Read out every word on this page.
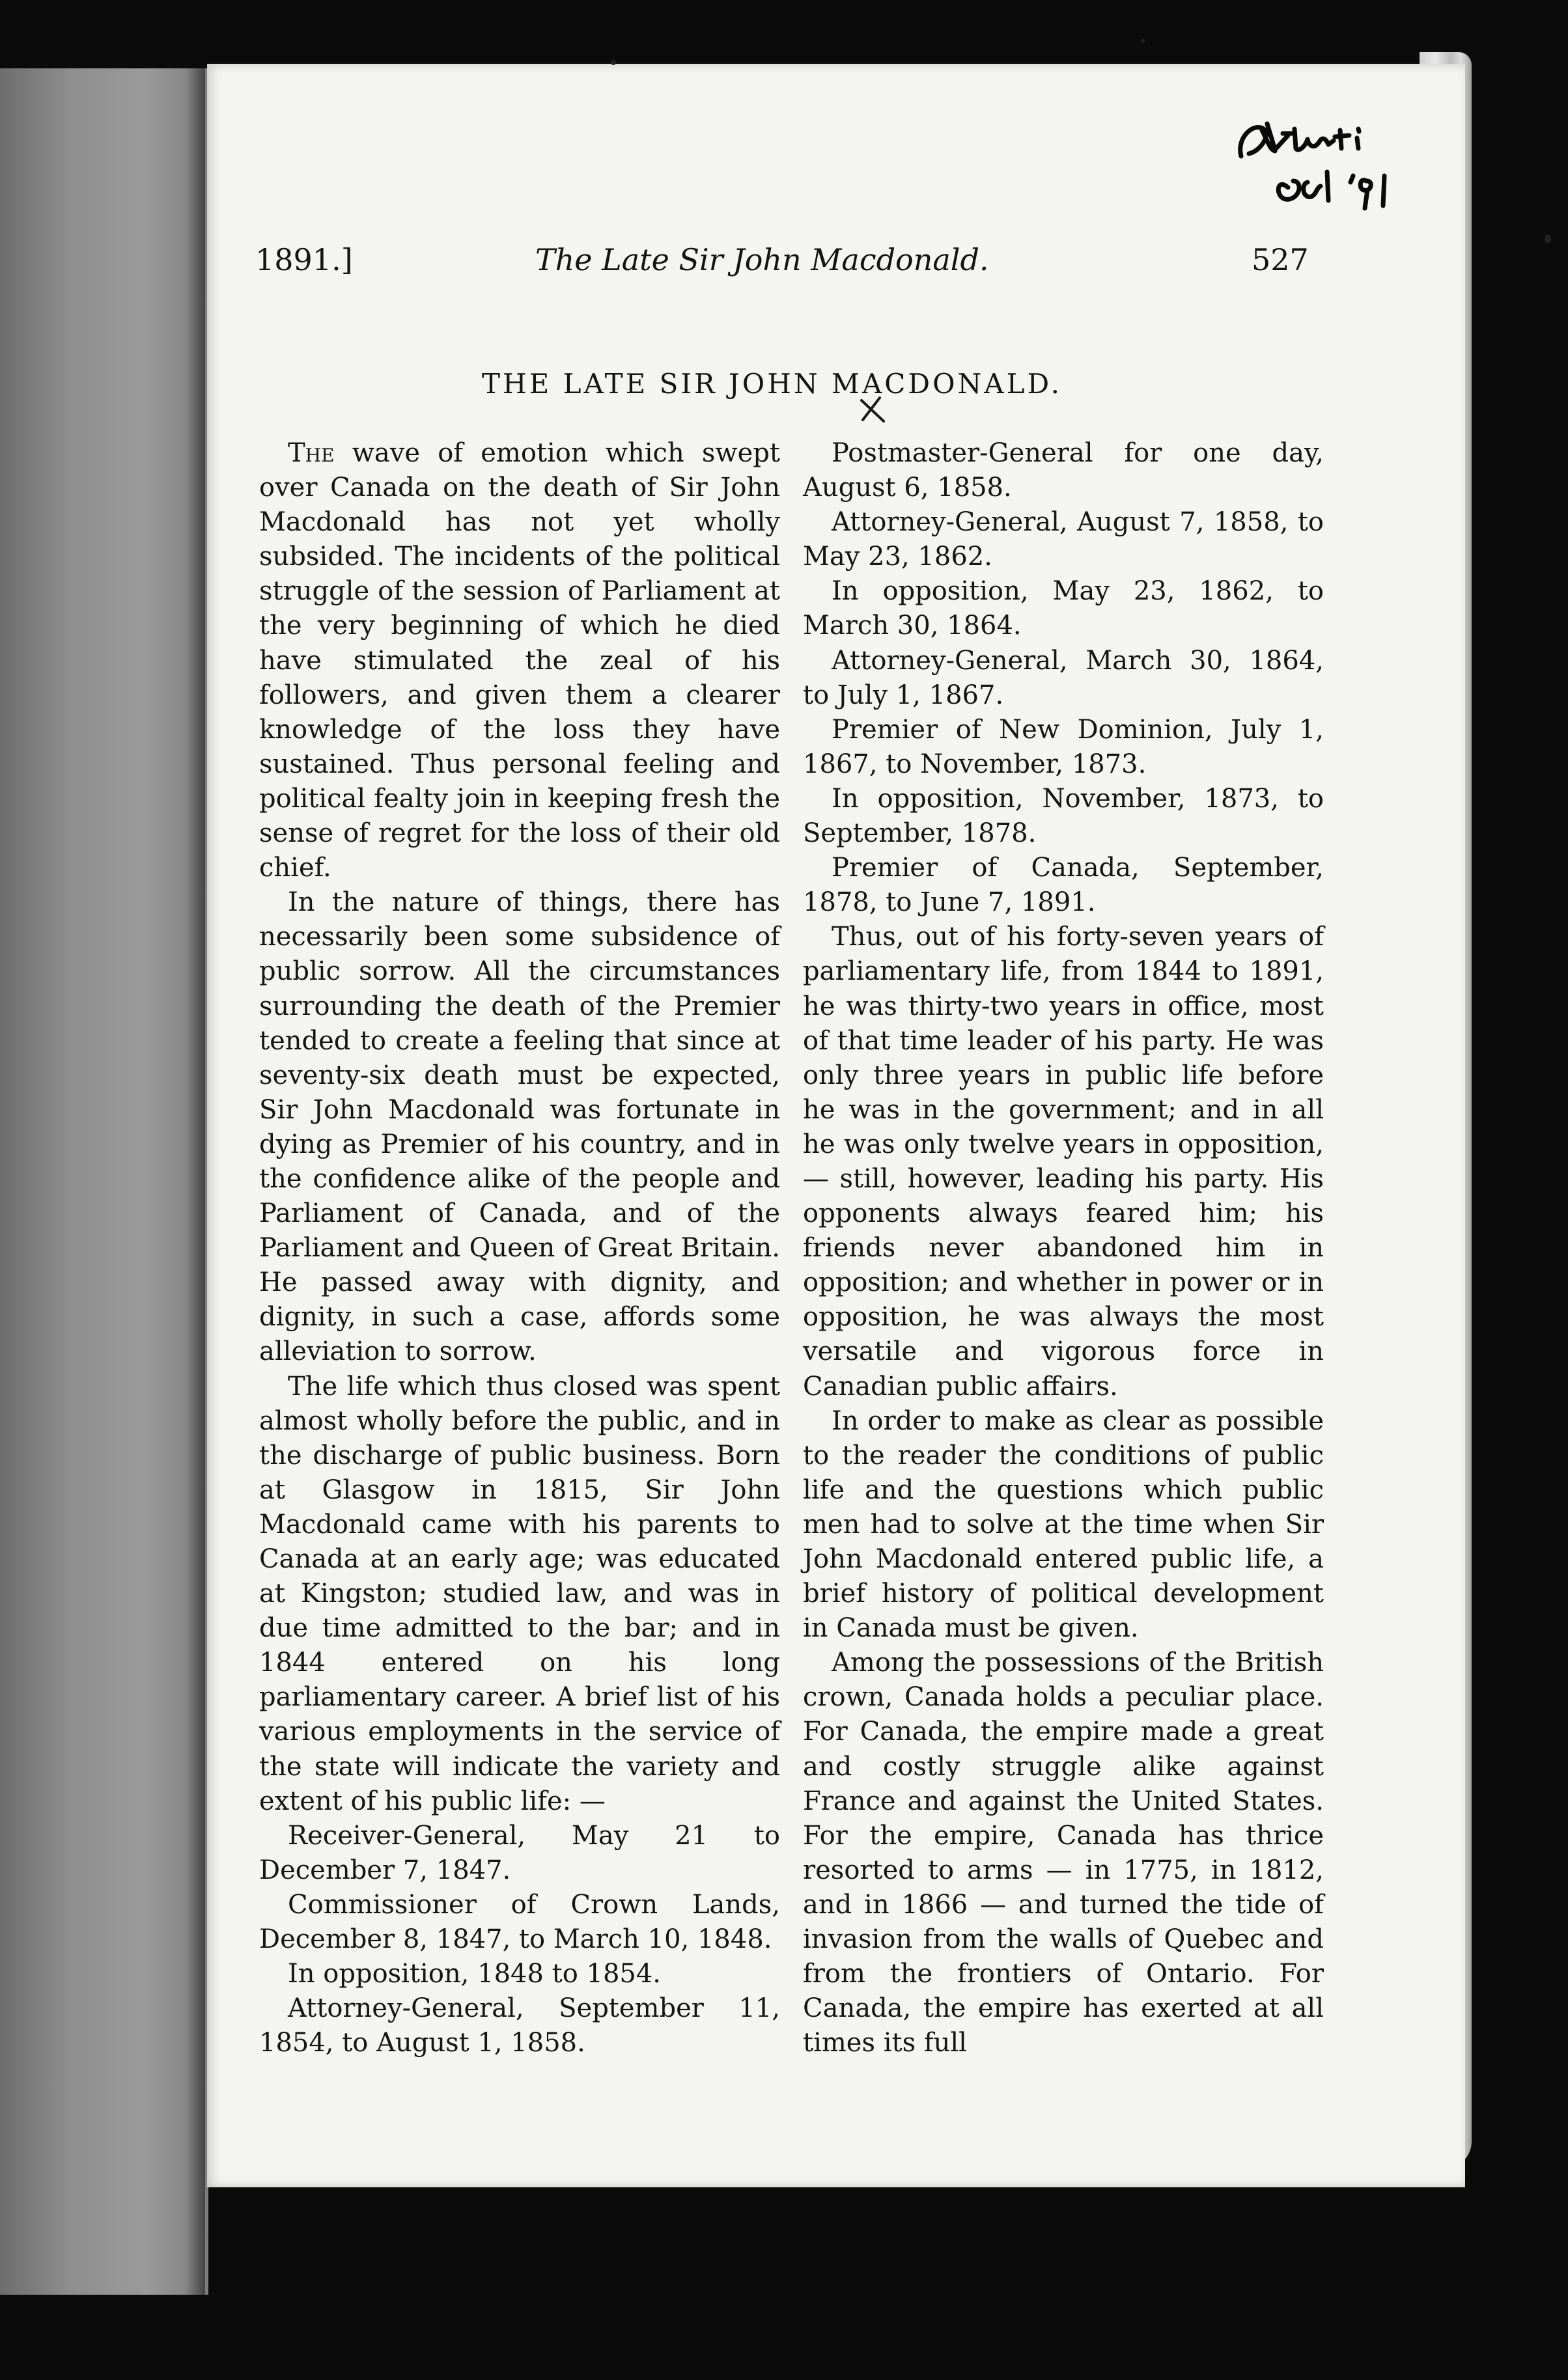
1891.]	The Late Sir John Macdonald.	527
THE LATE SIR JOHN MACDONALD.

The wave of emotion which swept over Canada on the death of Sir John Macdonald has not yet wholly subsided. The incidents of the political struggle of the session of Parliament at the very beginning of which he died have stimulated the zeal of his followers, and given them a clearer knowledge of the loss they have sustained. Thus personal feeling and political fealty join in keeping fresh the sense of regret for the loss of their old chief.

In the nature of things, there has necessarily been some subsidence of public sorrow. All the circumstances surrounding the death of the Premier tended to create a feeling that since at seventy-six death must be expected, Sir John Macdonald was fortunate in dying as Premier of his country, and in the confidence alike of the people and Parliament of Canada, and of the Parliament and Queen of Great Britain. He passed away with dignity, and dignity, in such a case, affords some alleviation to sorrow.

The life which thus closed was spent almost wholly before the public, and in the discharge of public business. Born at Glasgow in 1815, Sir John Macdonald came with his parents to Canada at an early age; was educated at Kingston; studied law, and was in due time admitted to the bar; and in 1844 entered on his long parliamentary career. A brief list of his various employments in the service of the state will indicate the variety and extent of his public life: —

Receiver-General, May 21 to December 7, 1847.

Commissioner of Crown Lands, December 8, 1847, to March 10, 1848.

In opposition, 1848 to 1854.

Attorney-General, September 11, 1854, to August 1, 1858.

Postmaster-General for one day, August 6, 1858.

Attorney-General, August 7, 1858, to May 23, 1862.

In opposition, May 23, 1862, to March 30, 1864.

Attorney-General, March 30, 1864, to July 1, 1867.

Premier of New Dominion, July 1, 1867, to November, 1873.

In opposition, November, 1873, to September, 1878.

Premier of Canada, September, 1878, to June 7, 1891.

Thus, out of his forty-seven years of parliamentary life, from 1844 to 1891, he was thirty-two years in office, most of that time leader of his party. He was only three years in public life before he was in the government; and in all he was only twelve years in opposition, — still, however, leading his party. His opponents always feared him; his friends never abandoned him in opposition; and whether in power or in opposition, he was always the most versatile and vigorous force in Canadian public affairs.

In order to make as clear as possible to the reader the conditions of public life and the questions which public men had to solve at the time when Sir John Macdonald entered public life, a brief history of political development in Canada must be given.

Among the possessions of the British crown, Canada holds a peculiar place. For Canada, the empire made a great and costly struggle alike against France and against the United States. For the empire, Canada has thrice resorted to arms — in 1775, in 1812, and in 1866 — and turned the tide of invasion from the walls of Quebec and from the frontiers of Ontario. For Canada, the empire has exerted at all times its full
